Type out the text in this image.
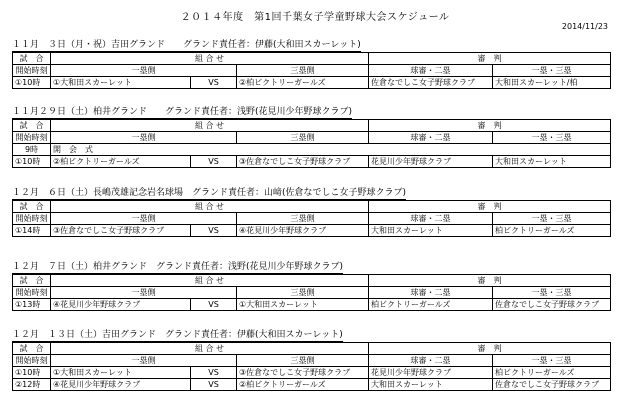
２０１４年度　第1回千葉女子学童野球大会スケジュール
2014/11/23
１１月　３日（月・祝）吉田グランド　　グランド責任者：伊藤(大和田スカーレット)
試　合	組 合 せ			審　判	
開始時刻	一塁側		三塁側	球審・二塁	一塁・三塁
①10時	①大和田スカーレット	VS	②柏ビクトリーガールズ	佐倉なでしこ女子野球クラブ	大和田スカーレット/柏
１１月２９日（土）柏井グランド　　グランド責任者：浅野(花見川少年野球クラブ)
試　合	組 合 せ			審　判	
開始時刻	一塁側		三塁側	球審・二塁	一塁・三塁
9時	開　会　式				
①10時	②柏ビクトリーガールズ	VS	③佐倉なでしこ女子野球クラブ	花見川少年野球クラブ	大和田スカーレット
１２月　６日（土）長嶋茂雄記念岩名球場　グランド責任者：山﨑(佐倉なでしこ女子野球クラブ)
試　合	組 合 せ			審　判	
開始時刻	一塁側		三塁側	球審・二塁	一塁・三塁
①14時	③佐倉なでしこ女子野球クラブ	VS	④花見川少年野球クラブ	大和田スカーレット	柏ビクトリーガールズ
１２月　７日（土）柏井グランド　グランド責任者：浅野(花見川少年野球クラブ)
試　合	組 合 せ			審　判	
開始時刻	一塁側		三塁側	球審・二塁	一塁・三塁
①13時	④花見川少年野球クラブ	VS	①大和田スカーレット	柏ビクトリーガールズ	佐倉なでしこ女子野球クラブ
１２月　１３日（土）吉田グランド　グランド責任者：伊藤(大和田スカーレット)
試　合	組 合 せ			審　判	
開始時刻	一塁側		三塁側	球審・二塁	一塁・三塁
①10時	①大和田スカーレット	VS	③佐倉なでしこ女子野球クラブ	花見川少年野球クラブ	柏ビクトリーガールズ
②12時	④花見川少年野球クラブ	VS	②柏ビクトリーガールズ	大和田スカーレット	佐倉なでしこ女子野球クラブ
